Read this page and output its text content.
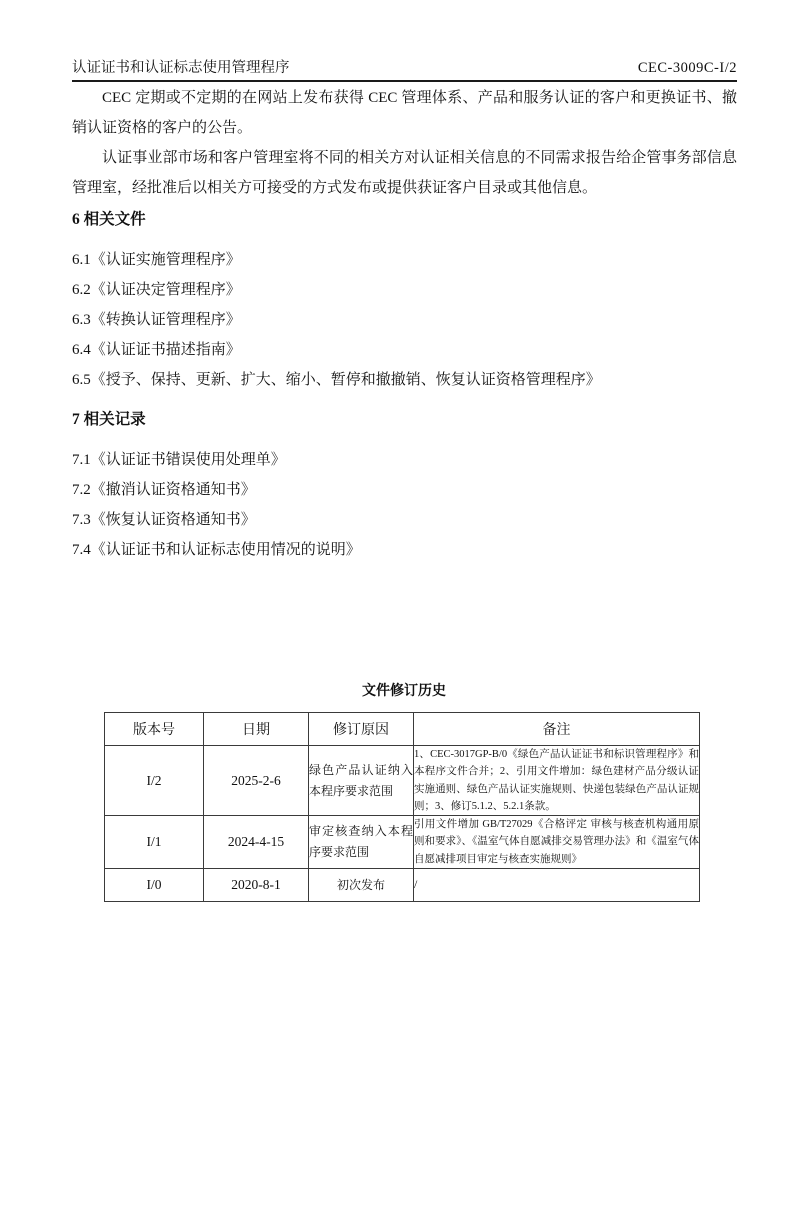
认证证书和认证标志使用管理程序	CEC-3009C-I/2

CEC 定期或不定期的在网站上发布获得 CEC 管理体系、产品和服务认证的客户和更换证书、撤销认证资格的客户的公告。

认证事业部市场和客户管理室将不同的相关方对认证相关信息的不同需求报告给企管事务部信息管理室，经批准后以相关方可接受的方式发布或提供获证客户目录或其他信息。

6 相关文件
6.1《认证实施管理程序》
6.2《认证决定管理程序》
6.3《转换认证管理程序》
6.4《认证证书描述指南》
6.5《授予、保持、更新、扩大、缩小、暂停和撤撤销、恢复认证资格管理程序》
7 相关记录
7.1《认证证书错误使用处理单》
7.2《撤消认证资格通知书》
7.3《恢复认证资格通知书》
7.4《认证证书和认证标志使用情况的说明》
文件修订历史
版本号	日期	修订原因	备注
I/2	2025-2-6	绿色产品认证纳入本程序要求范围	1、CEC-3017GP-B/0《绿色产品认证证书和标识管理程序》和本程序文件合并；2、引用文件增加：绿色建材产品分级认证实施通则、绿色产品认证实施规则、快递包装绿色产品认证规则；3、修订5.1.2、5.2.1条款。
I/1	2024-4-15	审定核查纳入本程序要求范围	引用文件增加 GB/T27029《合格评定 审核与核查机构通用原则和要求》、《温室气体自愿减排交易管理办法》和《温室气体自愿减排项目审定与核查实施规则》
I/0	2020-8-1	初次发布	/
